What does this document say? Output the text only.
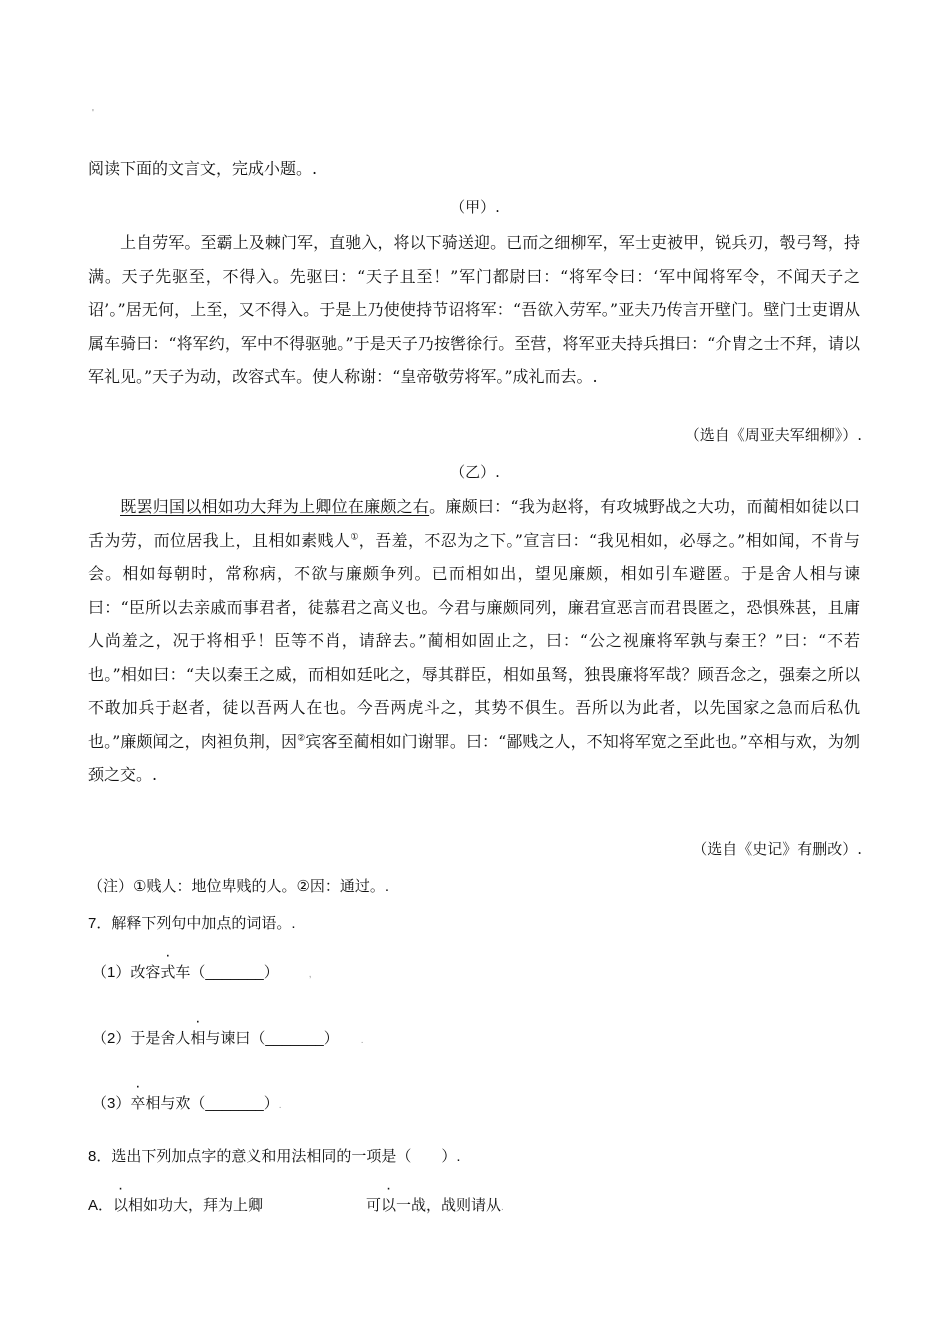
'
阅读下面的文言文，完成小题。.
（甲）.
上自劳军。至霸上及棘门军，直驰入，将以下骑送迎。已而之细柳军，军士吏被甲，锐兵刃，彀弓弩，持满。天子先驱至，不得入。先驱曰：“天子且至！”军门都尉曰：“将军令曰：‘军中闻将军令，不闻天子之诏’。”居无何，上至，又不得入。于是上乃使使持节诏将军：“吾欲入劳军。”亚夫乃传言开壁门。壁门士吏谓从属车骑曰：“将军约，军中不得驱驰。”于是天子乃按辔徐行。至营，将军亚夫持兵揖曰：“介胄之士不拜，请以军礼见。”天子为动，改容式车。使人称谢：“皇帝敬劳将军。”成礼而去。.
（选自《周亚夫军细柳》）.
（乙）.
既罢归国以相如功大拜为上卿位在廉颇之右。廉颇曰：“我为赵将，有攻城野战之大功，而蔺相如徒以口舌为劳，而位居我上，且相如素贱人①，吾羞，不忍为之下。”宣言曰：“我见相如，必辱之。”相如闻，不肯与会。相如每朝时，常称病，不欲与廉颇争列。已而相如出，望见廉颇，相如引车避匿。于是舍人相与谏曰：“臣所以去亲戚而事君者，徒慕君之高义也。今君与廉颇同列，廉君宣恶言而君畏匿之，恐惧殊甚，且庸人尚羞之，况于将相乎！臣等不肖，请辞去。”蔺相如固止之，曰：“公之视廉将军孰与秦王？”曰：“不若也。”相如曰：“夫以秦王之威，而相如廷叱之，辱其群臣，相如虽驽，独畏廉将军哉？顾吾念之，强秦之所以不敢加兵于赵者，徒以吾两人在也。今吾两虎斗之，其势不俱生。吾所以为此者，以先国家之急而后私仇也。”廉颇闻之，肉袒负荆，因②宾客至蔺相如门谢罪。曰：“鄙贱之人，不知将军宽之至此也。”卒相与欢，为刎颈之交。.
（选自《史记》有删改）.
（注）①贱人：地位卑贱的人。②因：通过。.
7．解释下列句中加点的词语。.
（1）改容式车（_______）	,
（2）于是舍人相与谏曰（_______） .
（3）卒相与欢（_______）.
8．选出下列加点字的意义和用法相同的一项是（　　）.
A．以相如功大，拜为上卿	可以一战，战则请从.
